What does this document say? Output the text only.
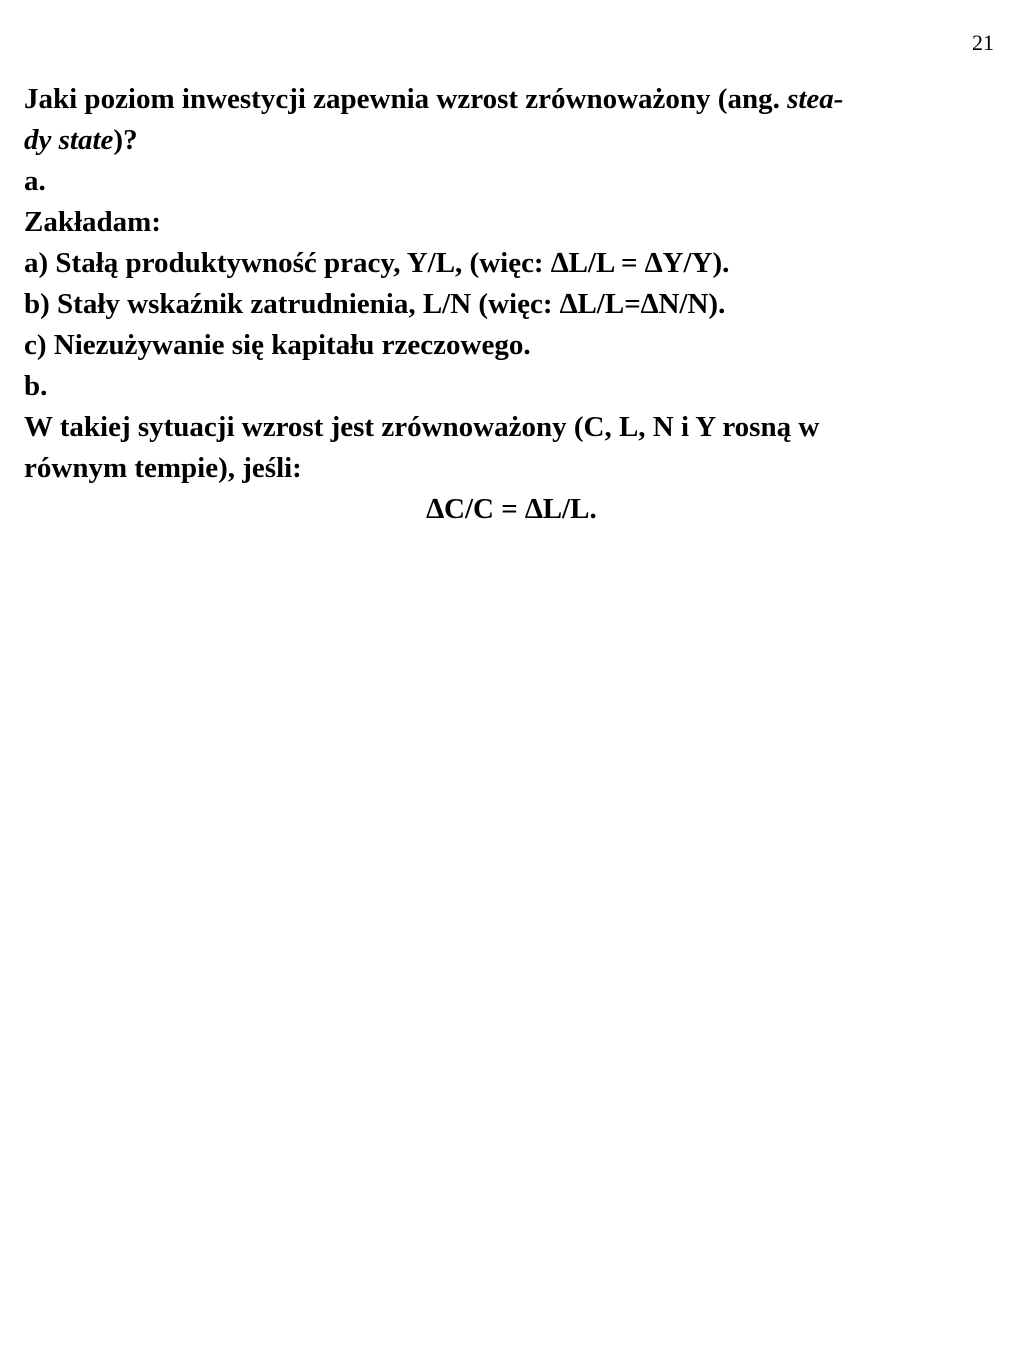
21
Jaki poziom inwestycji zapewnia wzrost zrównoważony (ang. stea-
dy state)?
a.
Zakładam:
a) Stałą produktywność pracy, Y/L, (więc: ∆L/L = ∆Y/Y).
b) Stały wskaźnik zatrudnienia, L/N (więc: ∆L/L=∆N/N).
c) Niezużywanie się kapitału rzeczowego.
b.
W takiej sytuacji wzrost jest zrównoważony (C, L, N i Y rosną w
równym tempie), jeśli:
∆C/C = ∆L/L.
